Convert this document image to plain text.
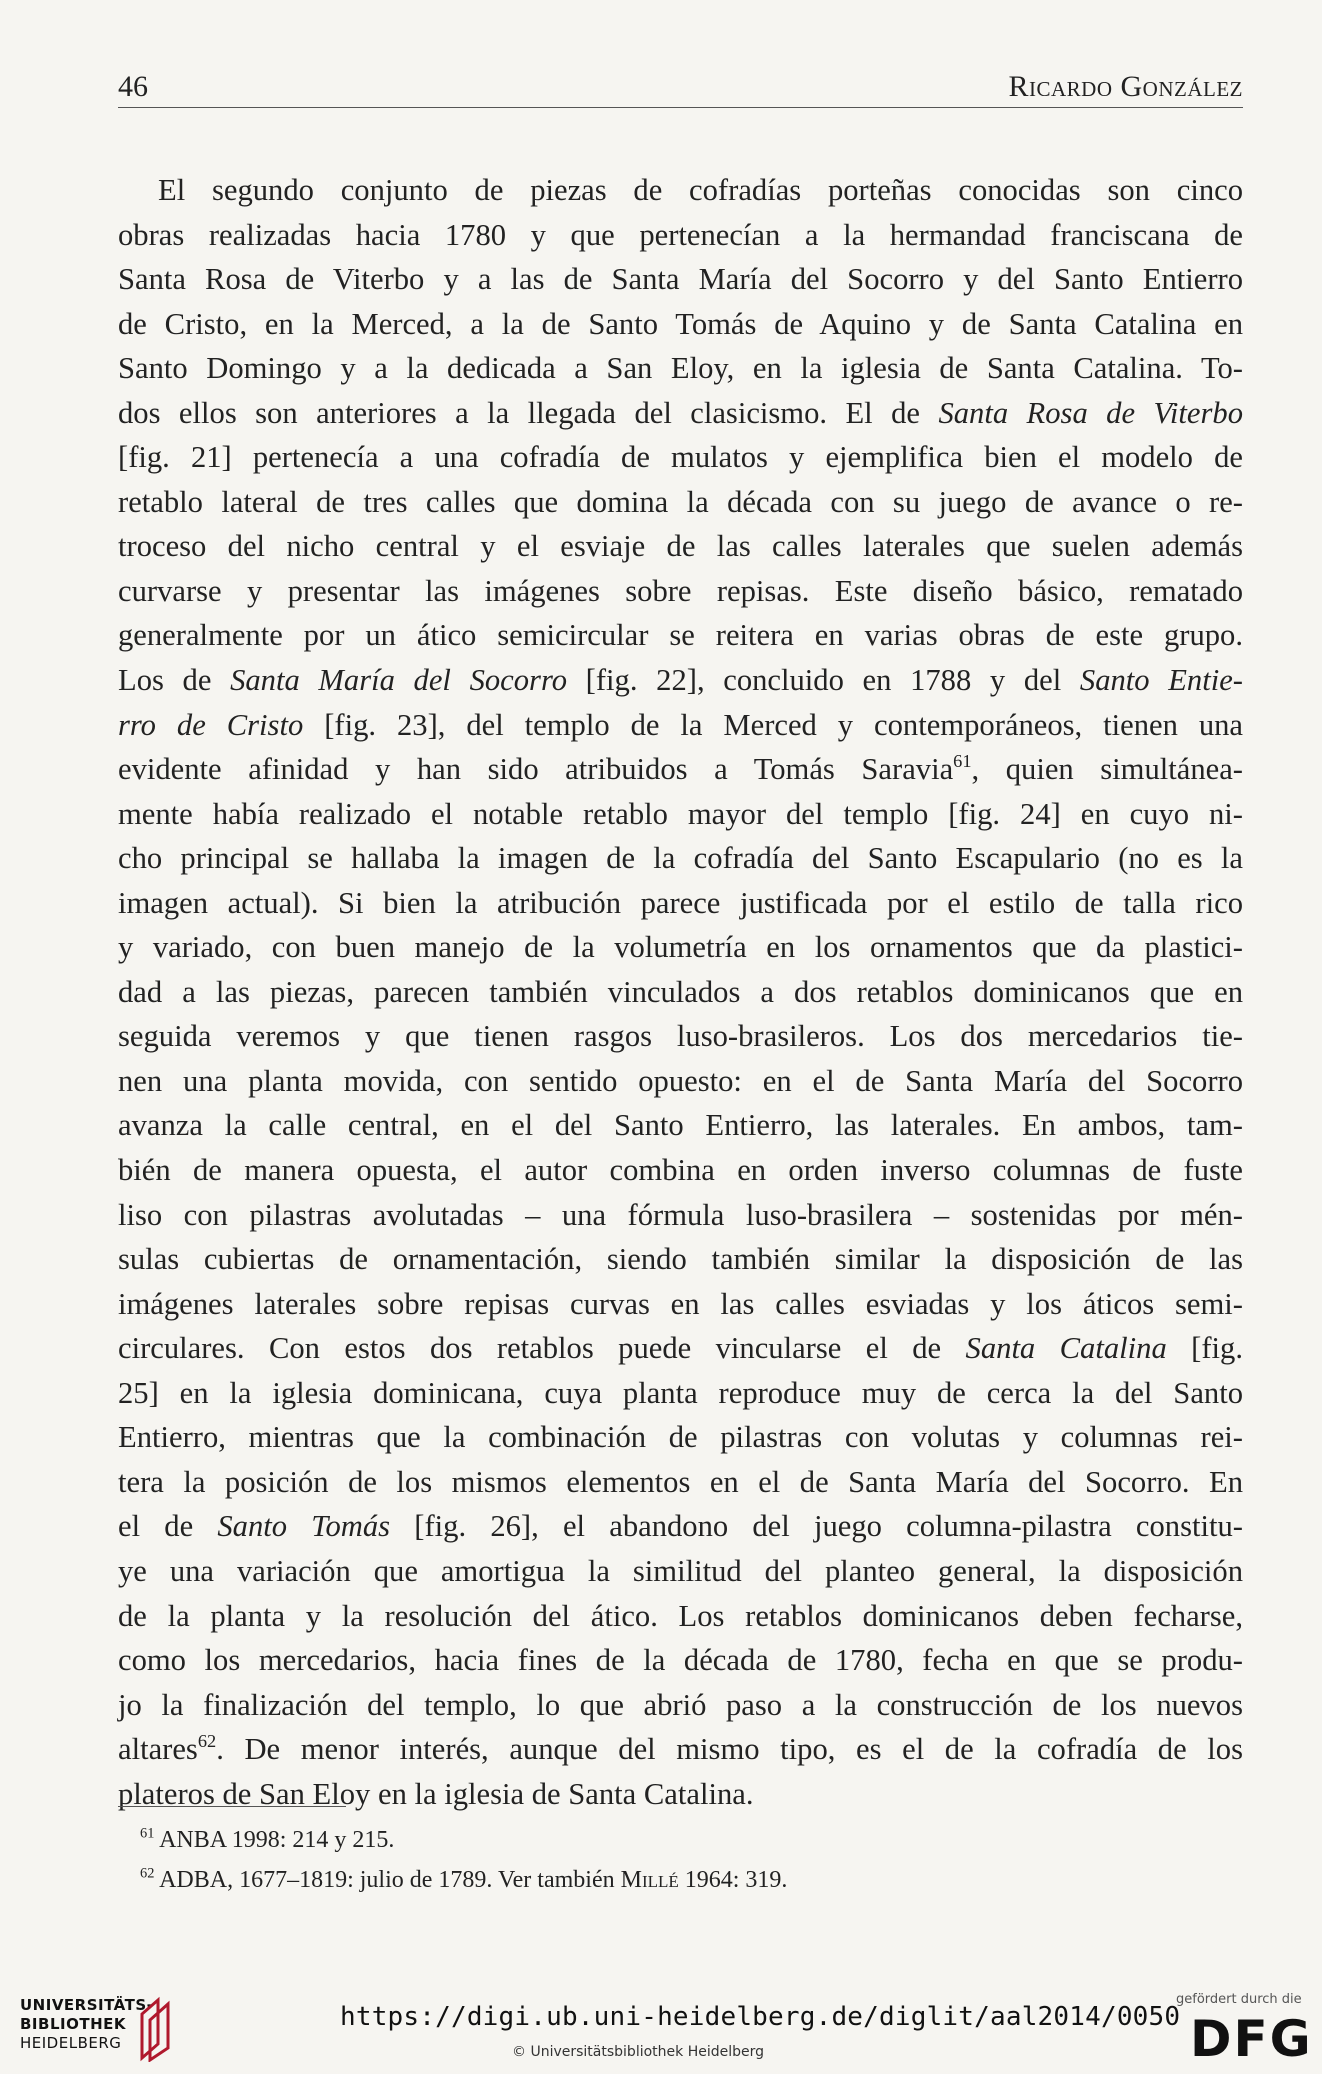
46	Ricardo González

El segundo conjunto de piezas de cofradías porteñas conocidas son cinco
obras realizadas hacia 1780 y que pertenecían a la hermandad franciscana de
Santa Rosa de Viterbo y a las de Santa María del Socorro y del Santo Entierro
de Cristo, en la Merced, a la de Santo Tomás de Aquino y de Santa Catalina en
Santo Domingo y a la dedicada a San Eloy, en la iglesia de Santa Catalina. To-
dos ellos son anteriores a la llegada del clasicismo. El de Santa Rosa de Viterbo
[fig. 21] pertenecía a una cofradía de mulatos y ejemplifica bien el modelo de
retablo lateral de tres calles que domina la década con su juego de avance o re-
troceso del nicho central y el esviaje de las calles laterales que suelen además
curvarse y presentar las imágenes sobre repisas. Este diseño básico, rematado
generalmente por un ático semicircular se reitera en varias obras de este grupo.
Los de Santa María del Socorro [fig. 22], concluido en 1788 y del Santo Entie-
rro de Cristo [fig. 23], del templo de la Merced y contemporáneos, tienen una
evidente afinidad y han sido atribuidos a Tomás Saravia$^{61}$, quien simultánea-
mente había realizado el notable retablo mayor del templo [fig. 24] en cuyo ni-
cho principal se hallaba la imagen de la cofradía del Santo Escapulario (no es la
imagen actual). Si bien la atribución parece justificada por el estilo de talla rico
y variado, con buen manejo de la volumetría en los ornamentos que da plastici-
dad a las piezas, parecen también vinculados a dos retablos dominicanos que en
seguida veremos y que tienen rasgos luso-brasileros. Los dos mercedarios tie-
nen una planta movida, con sentido opuesto: en el de Santa María del Socorro
avanza la calle central, en el del Santo Entierro, las laterales. En ambos, tam-
bién de manera opuesta, el autor combina en orden inverso columnas de fuste
liso con pilastras avolutadas – una fórmula luso-brasilera – sostenidas por mén-
sulas cubiertas de ornamentación, siendo también similar la disposición de las
imágenes laterales sobre repisas curvas en las calles esviadas y los áticos semi-
circulares. Con estos dos retablos puede vincularse el de Santa Catalina [fig.
25] en la iglesia dominicana, cuya planta reproduce muy de cerca la del Santo
Entierro, mientras que la combinación de pilastras con volutas y columnas rei-
tera la posición de los mismos elementos en el de Santa María del Socorro. En
el de Santo Tomás [fig. 26], el abandono del juego columna-pilastra constitu-
ye una variación que amortigua la similitud del planteo general, la disposición
de la planta y la resolución del ático. Los retablos dominicanos deben fecharse,
como los mercedarios, hacia fines de la década de 1780, fecha en que se produ-
jo la finalización del templo, lo que abrió paso a la construcción de los nuevos
altares$^{62}$. De menor interés, aunque del mismo tipo, es el de la cofradía de los
plateros de San Eloy en la iglesia de Santa Catalina.

$^{61}$ ANBA 1998: 214 y 215.
$^{62}$ ADBA, 1677–1819: julio de 1789. Ver también Millé 1964: 319.
UNIVERSITÄTS-
BIBLIOTHEK
HEIDELBERG
https://digi.ub.uni-heidelberg.de/diglit/aal2014/0050
© Universitätsbibliothek Heidelberg
gefördert durch die
DFG
